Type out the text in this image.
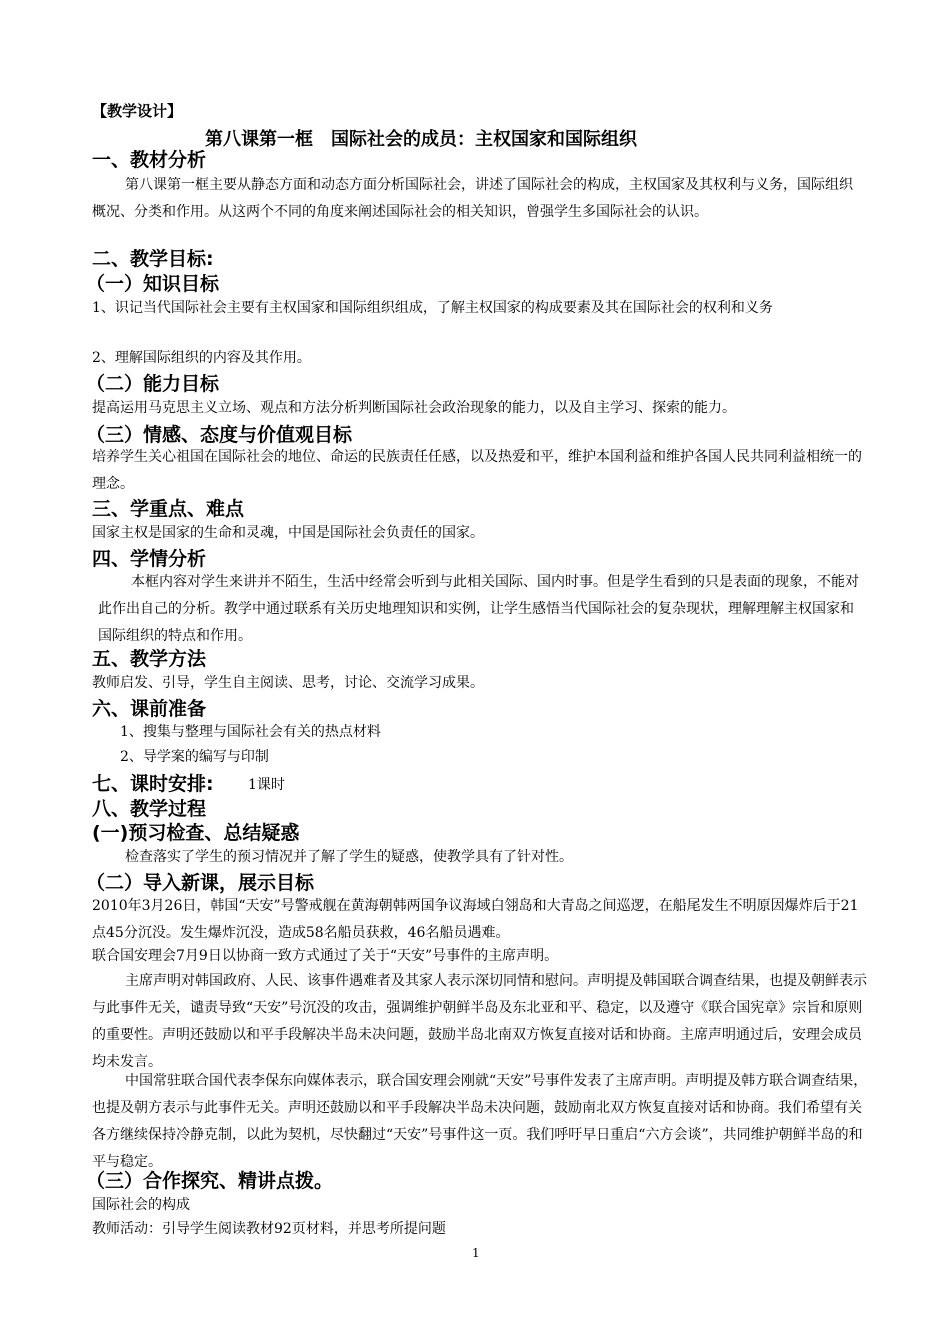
【教学设计】
第八课第一框　国际社会的成员：主权国家和国际组织
一、教材分析
第八课第一框主要从静态方面和动态方面分析国际社会，讲述了国际社会的构成，主权国家及其权利与义务，国际组织概况、分类和作用。从这两个不同的角度来阐述国际社会的相关知识，曾强学生多国际社会的认识。
二、教学目标:
（一）知识目标
1、识记当代国际社会主要有主权国家和国际组织组成，了解主权国家的构成要素及其在国际社会的权利和义务
2、理解国际组织的内容及其作用。
（二）能力目标
提高运用马克思主义立场、观点和方法分析判断国际社会政治现象的能力，以及自主学习、探索的能力。
（三）情感、态度与价值观目标
培养学生关心祖国在国际社会的地位、命运的民族责任任感，以及热爱和平，维护本国利益和维护各国人民共同利益相统一的理念。
三、学重点、难点
国家主权是国家的生命和灵魂，中国是国际社会负责任的国家。
四、学情分析
本框内容对学生来讲并不陌生，生活中经常会听到与此相关国际、国内时事。但是学生看到的只是表面的现象，不能对此作出自己的分析。教学中通过联系有关历史地理知识和实例，让学生感悟当代国际社会的复杂现状，理解理解主权国家和国际组织的特点和作用。
五、教学方法
教师启发、引导，学生自主阅读、思考，讨论、交流学习成果。
六、课前准备
1、搜集与整理与国际社会有关的热点材料
2、导学案的编写与印制
七、课时安排: 1课时
八、教学过程
(一)预习检查、总结疑惑
检查落实了学生的预习情况并了解了学生的疑惑，使教学具有了针对性。
（二）导入新课，展示目标
2010年3月26日，韩国“天安”号警戒舰在黄海朝韩两国争议海域白翎岛和大青岛之间巡逻，在船尾发生不明原因爆炸后于21点45分沉没。发生爆炸沉没，造成58名船员获救，46名船员遇难。
联合国安理会7月9日以协商一致方式通过了关于“天安”号事件的主席声明。
主席声明对韩国政府、人民、该事件遇难者及其家人表示深切同情和慰问。声明提及韩国联合调查结果，也提及朝鲜表示与此事件无关，谴责导致“天安”号沉没的攻击，强调维护朝鲜半岛及东北亚和平、稳定，以及遵守《联合国宪章》宗旨和原则的重要性。声明还鼓励以和平手段解决半岛未决问题，鼓励半岛北南双方恢复直接对话和协商。主席声明通过后，安理会成员均未发言。
中国常驻联合国代表李保东向媒体表示，联合国安理会刚就“天安”号事件发表了主席声明。声明提及韩方联合调查结果，也提及朝方表示与此事件无关。声明还鼓励以和平手段解决半岛未决问题，鼓励南北双方恢复直接对话和协商。我们希望有关各方继续保持冷静克制，以此为契机，尽快翻过“天安”号事件这一页。我们呼吁早日重启“六方会谈”，共同维护朝鲜半岛的和平与稳定。
（三）合作探究、精讲点拨。
国际社会的构成
教师活动：引导学生阅读教材92页材料，并思考所提问题
1
